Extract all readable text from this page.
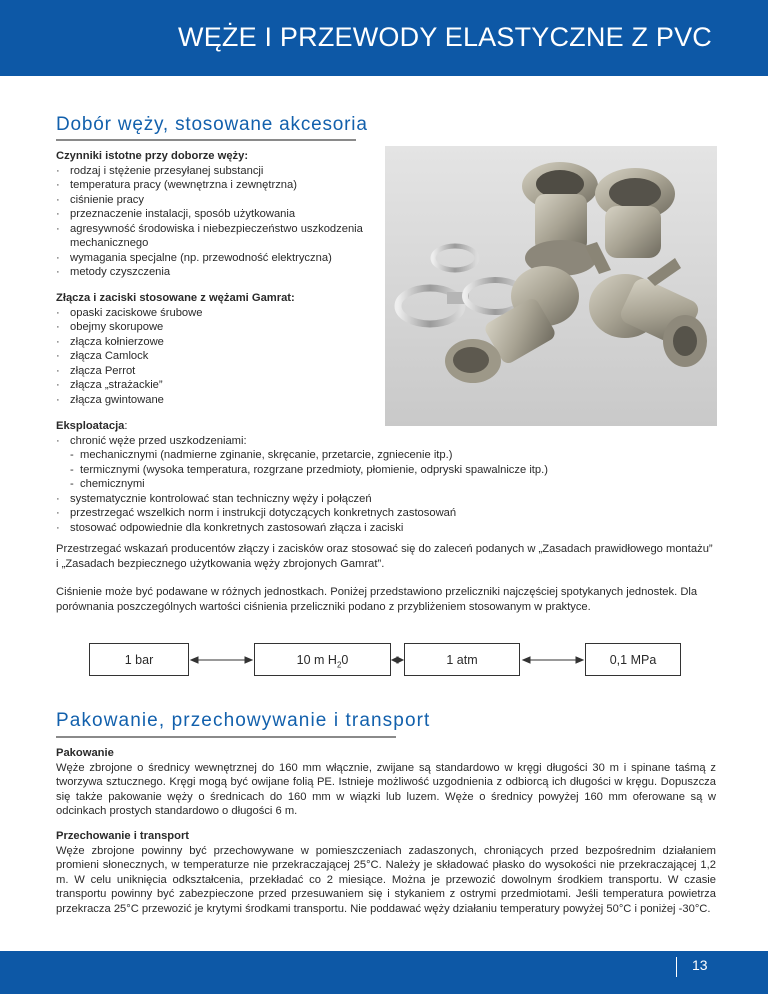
WĘŻE I PRZEWODY ELASTYCZNE Z PVC
Dobór węży, stosowane akcesoria
Czynniki istotne przy doborze węży:
· rodzaj i stężenie przesyłanej substancji
· temperatura pracy (wewnętrzna i zewnętrzna)
· ciśnienie pracy
· przeznaczenie instalacji, sposób użytkowania
· agresywność środowiska i niebezpieczeństwo uszkodzenia mechanicznego
· wymagania specjalne (np. przewodność elektryczna)
· metody czyszczenia
Złącza i zaciski stosowane z wężami Gamrat:
· opaski zaciskowe śrubowe
· obejmy skorupowe
· złącza kołnierzowe
· złącza Camlock
· złącza Perrot
· złącza „strażackie”
· złącza gwintowane
Eksploatacja:
· chronić węże przed uszkodzeniami:
- mechanicznymi (nadmierne zginanie, skręcanie, przetarcie, zgniecenie itp.)
- termicznymi (wysoka temperatura, rozgrzane przedmioty, płomienie, odpryski spawalnicze itp.)
- chemicznymi
· systematycznie kontrolować stan techniczny węży i połączeń
· przestrzegać wszelkich norm i instrukcji dotyczących konkretnych zastosowań
· stosować odpowiednie dla konkretnych zastosowań złącza i zaciski

Przestrzegać wskazań producentów złączy i zacisków oraz stosować się do zaleceń podanych w „Zasadach prawidłowego montażu” i „Zasadach bezpiecznego użytkowania węży zbrojonych Gamrat”.

Ciśnienie może być podawane w różnych jednostkach. Poniżej przedstawiono przeliczniki najczęściej spotykanych jednostek. Dla porównania poszczególnych wartości ciśnienia przeliczniki podano z przybliżeniem stosowanym w praktyce.

1 bar	10 m $H_20$	1 atm	0,1 MPa
Pakowanie, przechowywanie i transport
Pakowanie

Węże zbrojone o średnicy wewnętrznej do 160 mm włącznie, zwijane są standardowo w kręgi długości 30 m i spinane taśmą z tworzywa sztucznego. Kręgi mogą być owijane folią PE. Istnieje możliwość uzgodnienia z odbiorcą ich długości w kręgu. Dopuszcza się także pakowanie węży o średnicach do 160 mm w wiązki lub luzem. Węże o średnicy powyżej 160 mm oferowane są w odcinkach prostych standardowo o długości 6 m.

Przechowanie i transport

Węże zbrojone powinny być przechowywane w pomieszczeniach zadaszonych, chroniących przed bezpośrednim działaniem promieni słonecznych, w temperaturze nie przekraczającej 25°C. Należy je składować płasko do wysokości nie przekraczającej 1,2 m. W celu uniknięcia odkształcenia, przekładać co 2 miesiące. Można je przewozić dowolnym środkiem transportu. W czasie transportu powinny być zabezpieczone przed przesuwaniem się i stykaniem z ostrymi przedmiotami. Jeśli temperatura powietrza przekracza 25°C przewozić je krytymi środkami transportu. Nie poddawać węży działaniu temperatury powyżej 50°C i poniżej -30°C.

13
